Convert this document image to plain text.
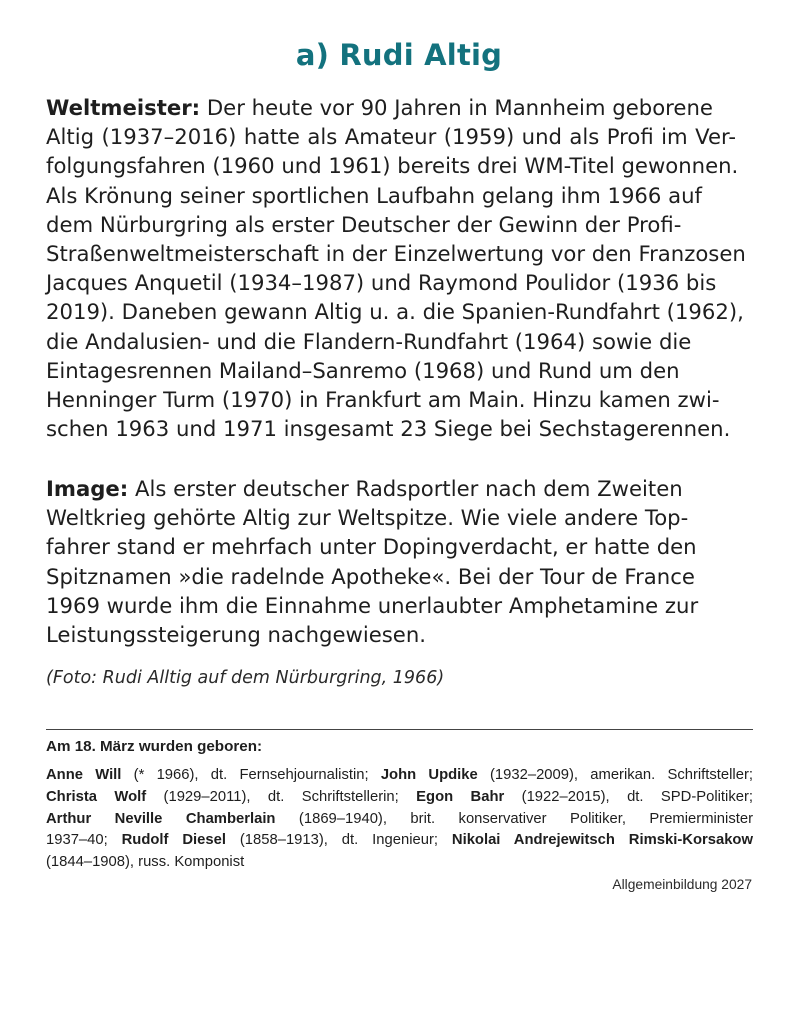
a) Rudi Altig
Weltmeister: Der heute vor 90 Jahren in Mannheim geborene
Altig (1937–2016) hatte als Amateur (1959) und als Profi im Ver-
folgungsfahren (1960 und 1961) bereits drei WM-Titel gewonnen.
Als Krönung seiner sportlichen Laufbahn gelang ihm 1966 auf
dem Nürburgring als erster Deutscher der Gewinn der Profi-
Straßenweltmeisterschaft in der Einzelwertung vor den Franzosen
Jacques Anquetil (1934–1987) und Raymond Poulidor (1936 bis
2019). Daneben gewann Altig u. a. die Spanien-Rundfahrt (1962),
die Andalusien- und die Flandern-Rundfahrt (1964) sowie die
Eintagesrennen Mailand–Sanremo (1968) und Rund um den
Henninger Turm (1970) in Frankfurt am Main. Hinzu kamen zwi-
schen 1963 und 1971 insgesamt 23 Siege bei Sechstagerennen.
Image: Als erster deutscher Radsportler nach dem Zweiten
Weltkrieg gehörte Altig zur Weltspitze. Wie viele andere Top-
fahrer stand er mehrfach unter Dopingverdacht, er hatte den
Spitznamen »die radelnde Apotheke«. Bei der Tour de France
1969 wurde ihm die Einnahme unerlaubter Amphetamine zur
Leistungssteigerung nachgewiesen.
(Foto: Rudi Alltig auf dem Nürburgring, 1966)
Am 18. März wurden geboren:
Anne Will (* 1966), dt. Fernsehjournalistin; John Updike (1932–2009), amerikan. Schriftsteller;
Christa Wolf (1929–2011), dt. Schriftstellerin; Egon Bahr (1922–2015), dt. SPD-Politiker;
Arthur Neville Chamberlain (1869–1940), brit. konservativer Politiker, Premierminister
1937–40; Rudolf Diesel (1858–1913), dt. Ingenieur; Nikolai Andrejewitsch Rimski-Korsakow
(1844–1908), russ. Komponist
Allgemeinbildung 2027
